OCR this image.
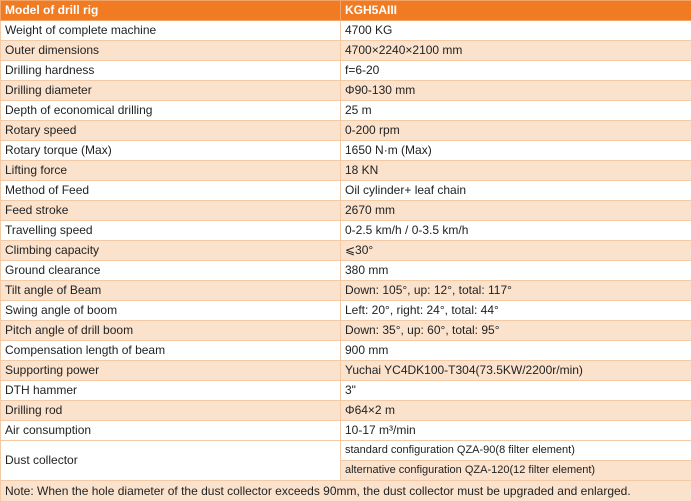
Model of drill rig	KGH5AIII
Weight of complete machine	4700 KG
Outer dimensions	4700×2240×2100 mm
Drilling hardness	f=6-20
Drilling diameter	Φ90-130 mm
Depth of economical drilling	25 m
Rotary speed	0-200 rpm
Rotary torque (Max)	1650 N·m (Max)
Lifting force	18 KN
Method of Feed	Oil cylinder+ leaf chain
Feed stroke	2670 mm
Travelling speed	0-2.5 km/h / 0-3.5 km/h
Climbing capacity	⩽30°
Ground clearance	380 mm
Tilt angle of Beam	Down: 105°, up: 12°, total: 117°
Swing angle of boom	Left: 20°, right: 24°, total: 44°
Pitch angle of drill boom	Down: 35°, up: 60°, total: 95°
Compensation length of beam	900 mm
Supporting power	Yuchai YC4DK100-T304(73.5KW/2200r/min)
DTH hammer	3"
Drilling rod	Φ64×2 m
Air consumption	10-17 m³/min
Dust collector	standard configuration QZA-90(8 filter element)
	alternative configuration QZA-120(12 filter element)
Note: When the hole diameter of the dust collector exceeds 90mm, the dust collector must be upgraded and enlarged.	
